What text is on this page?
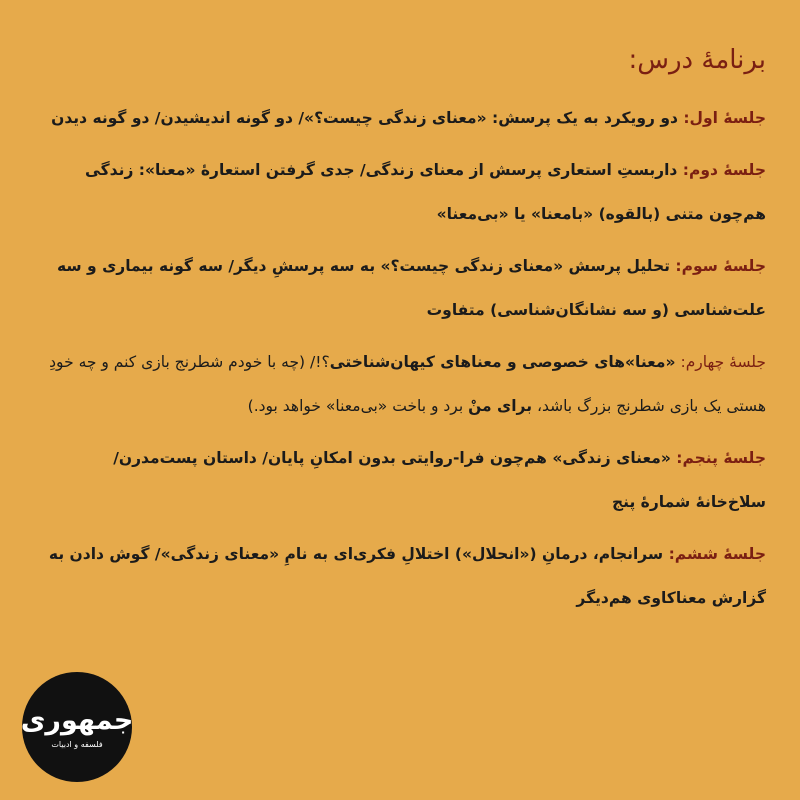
برنامهٔ درس:
جلسهٔ اول: دو رویکرد به یک پرسش: «معنای زندگی چیست؟»/ دو گونه اندیشیدن/ دو گونه دیدن
جلسهٔ دوم: داربستِ استعاری پرسش از معنای زندگی/ جدی گرفتن استعارهٔ «معنا»: زندگی هم‌چون متنی (بالقوه) «بامعنا» یا «بی‌معنا»
جلسهٔ سوم: تحلیل پرسش «معنای زندگی چیست؟» به سه پرسشِ دیگر/ سه گونه بیماری و سه علت‌شناسی (و سه نشانگان‌شناسی) متفاوت
جلسهٔ چهارم: «معنا»های خصوصی و معناهای کیهان‌شناختی؟!/ (چه با خودم شطرنج بازی کنم و چه خودِ هستی یک بازی شطرنج بزرگ باشد، برای منْ برد و باخت «بی‌معنا» خواهد بود.)
جلسهٔ پنجم: «معنای زندگی» هم‌چون فرا-روایتی بدون امکانِ پایان/ داستان پست‌مدرن/ سلاخ‌خانهٔ شمارهٔ پنج
جلسهٔ ششم: سرانجام، درمانِ («انحلال») اختلالِ فکری‌ای به نامِ «معنای زندگی»/ گوش دادن به گزارش معناکاوی هم‌دیگر
جمهوری
فلسفه و ادبیات
